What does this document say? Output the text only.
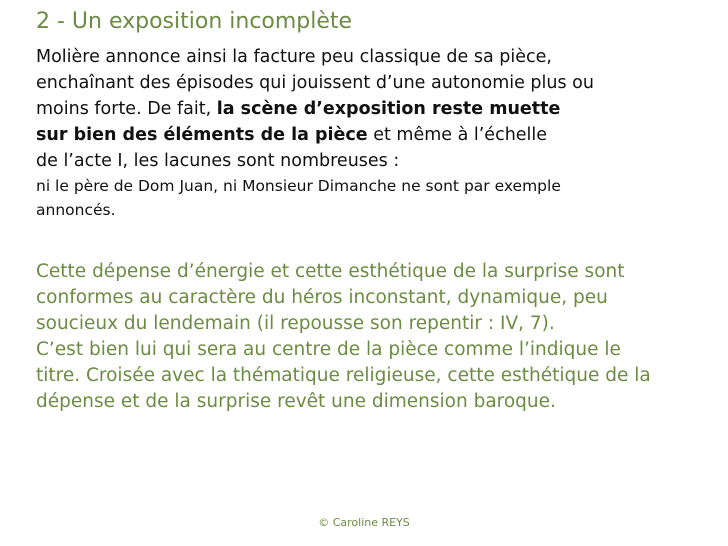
2 - Un exposition incomplète
Molière annonce ainsi la facture peu classique de sa pièce,
enchaînant des épisodes qui jouissent d’une autonomie plus ou
moins forte. De fait, la scène d’exposition reste muette
sur bien des éléments de la pièce et même à l’échelle
de l’acte I, les lacunes sont nombreuses :
ni le père de Dom Juan, ni Monsieur Dimanche ne sont par exemple
annoncés.
Cette dépense d’énergie et cette esthétique de la surprise sont
conformes au caractère du héros inconstant, dynamique, peu
soucieux du lendemain (il repousse son repentir : IV, 7).
C’est bien lui qui sera au centre de la pièce comme l’indique le
titre. Croisée avec la thématique religieuse, cette esthétique de la
dépense et de la surprise revêt une dimension baroque.
© Caroline REYS
